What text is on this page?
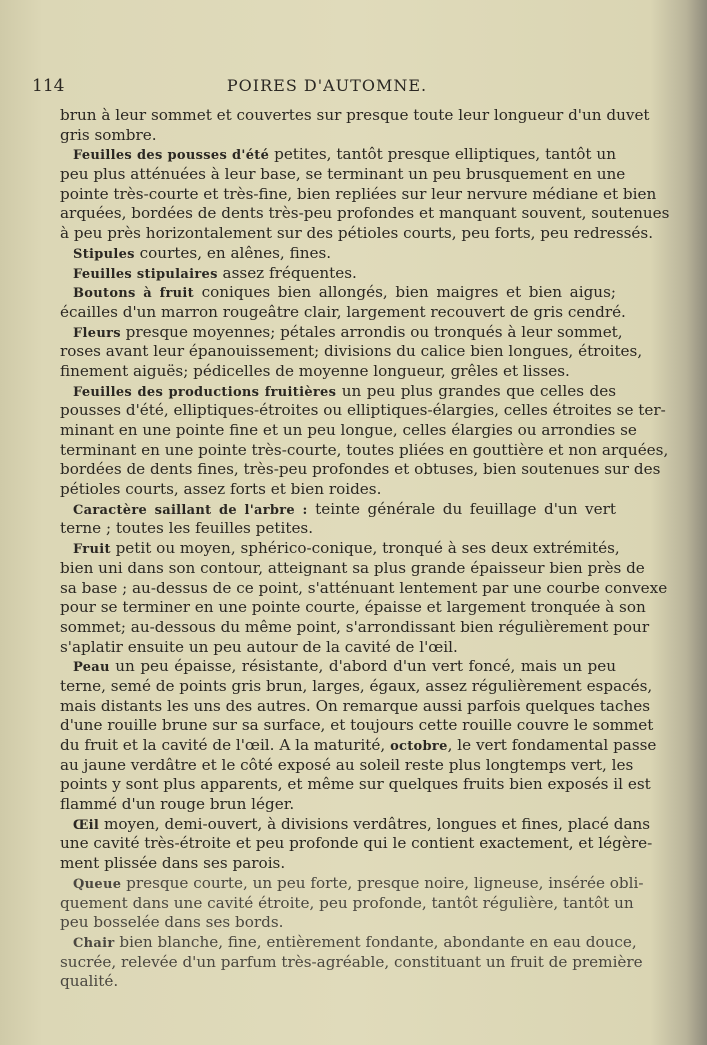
114	POIRES D'AUTOMNE.
brun à leur sommet et couvertes sur presque toute leur longueur d'un duvet
gris sombre.
Feuilles des pousses d'été petites, tantôt presque elliptiques, tantôt un
peu plus atténuées à leur base, se terminant un peu brusquement en une
pointe très-courte et très-fine, bien repliées sur leur nervure médiane et bien
arquées, bordées de dents très-peu profondes et manquant souvent, soutenues
à peu près horizontalement sur des pétioles courts, peu forts, peu redressés.
Stipules courtes, en alênes, fines.
Feuilles stipulaires assez fréquentes.
Boutons à fruit coniques bien allongés, bien maigres et bien aigus;
écailles d'un marron rougeâtre clair, largement recouvert de gris cendré.
Fleurs presque moyennes; pétales arrondis ou tronqués à leur sommet,
roses avant leur épanouissement; divisions du calice bien longues, étroites,
finement aiguës; pédicelles de moyenne longueur, grêles et lisses.
Feuilles des productions fruitières un peu plus grandes que celles des
pousses d'été, elliptiques-étroites ou elliptiques-élargies, celles étroites se ter-
minant en une pointe fine et un peu longue, celles élargies ou arrondies se
terminant en une pointe très-courte, toutes pliées en gouttière et non arquées,
bordées de dents fines, très-peu profondes et obtuses, bien soutenues sur des
pétioles courts, assez forts et bien roides.
Caractère saillant de l'arbre : teinte générale du feuillage d'un vert
terne ; toutes les feuilles petites.
Fruit petit ou moyen, sphérico-conique, tronqué à ses deux extrémités,
bien uni dans son contour, atteignant sa plus grande épaisseur bien près de
sa base ; au-dessus de ce point, s'atténuant lentement par une courbe convexe
pour se terminer en une pointe courte, épaisse et largement tronquée à son
sommet; au-dessous du même point, s'arrondissant bien régulièrement pour
s'aplatir ensuite un peu autour de la cavité de l'œil.
Peau un peu épaisse, résistante, d'abord d'un vert foncé, mais un peu
terne, semé de points gris brun, larges, égaux, assez régulièrement espacés,
mais distants les uns des autres. On remarque aussi parfois quelques taches
d'une rouille brune sur sa surface, et toujours cette rouille couvre le sommet
du fruit et la cavité de l'œil. A la maturité, octobre, le vert fondamental passe
au jaune verdâtre et le côté exposé au soleil reste plus longtemps vert, les
points y sont plus apparents, et même sur quelques fruits bien exposés il est
flammé d'un rouge brun léger.
Œil moyen, demi-ouvert, à divisions verdâtres, longues et fines, placé dans
une cavité très-étroite et peu profonde qui le contient exactement, et légère-
ment plissée dans ses parois.
Queue presque courte, un peu forte, presque noire, ligneuse, insérée obli-
quement dans une cavité étroite, peu profonde, tantôt régulière, tantôt un
peu bosselée dans ses bords.
Chair bien blanche, fine, entièrement fondante, abondante en eau douce,
sucrée, relevée d'un parfum très-agréable, constituant un fruit de première
qualité.
